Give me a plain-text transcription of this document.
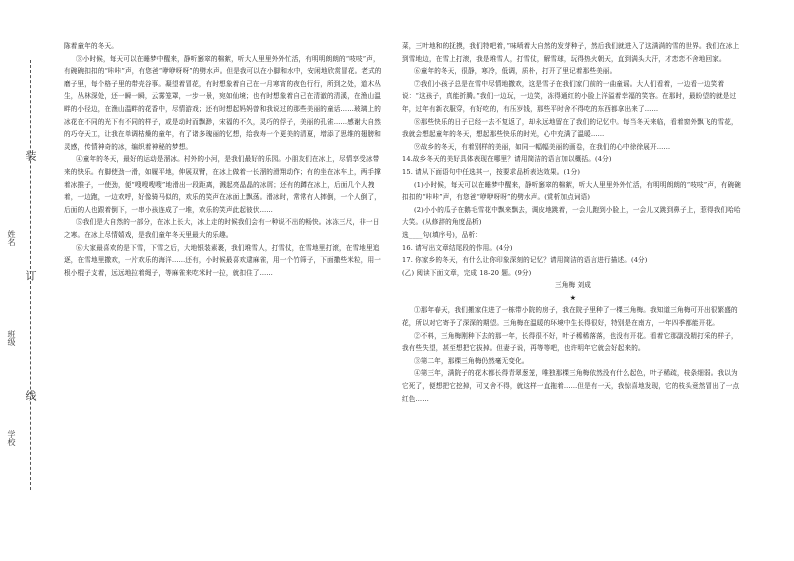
装
订
线
姓名
班级
学校

陈着童年的冬天。

③小时候，每天可以在睡梦中醒来，静听窸窣的棉絮，听大人里里外外忙活，有明明朗朗的“吱吱”声，有碗碗扣扣的“咔咔”声，有您爸“咿咿呀呀”的劈水声。但是我可以在小脚和水中，安闲地欣赏冒花。老式的磨子里，每个格子里的带壳谷事。凝望着冒花，有时想象着自己在一月寒宵的夜色行行，所到之处，道木丛生，丛林深处，还一瞬一瞬，云雾笼罩，一步一景，宛如仙境；也有时想象着自己在清澈的清溪，在渔山温畔的小径边，在渔山温畔的花香中，尽情游戏；还有时想起妈妈曾和我说过的那些美丽的童话……玻璃上的冰花在不同的光下有不同的样子，或是动时而飘渺，宋福的不久，灵巧的俘子，美丽的孔雀……感谢大自然的巧夺天工，让我在单调枯燥的童年，有了诸多瑰丽的忆想，给我寿一个更美的清夏，增添了思维的翅膀和灵感，传情神奇的冰，编织着神秘的梦想。

④童年的冬天，最好的运动是溜冰。村外的小河，是我们最好的乐园。小朋友们在冰上，尽情享受冰带来的快乐。有脚使劲一滑，如履平地，伸展双臂，在冰上做着一长溜的滑翔动作；有的坐在冰车上，两手撑着冰推子，一使劲，便“嗖嗖嗖嗖”地滑出一段距离，溅起亮晶晶的冰屑；还有的蹲在冰上，后面几个人拽着，一边跑，一边欢呼，好像骑马似的，欢乐的笑声在冰面上飘荡。滑冰时，常常有人摔倒，一个人倒了，后面的人也跟着倒下，一串小孩连成了一堆，欢乐的笑声此起彼伏……

⑤我们是大自然的一部分，在冰上长大，冰上走的时候我们会有一种说不出的畅快。冰冻三尺，非一日之寒。在冰上尽情嬉戏，是我们童年冬天里最大的乐趣。

⑥大家最喜欢的是下雪，下雪之后，大地银装素裹，我们堆雪人，打雪仗，在雪地里打滚，在雪地里追逐，在雪地里撒欢，一片欢乐的海洋……还有，小时候最喜欢逮麻雀，用一个竹筛子，下面撒些米粒，用一根小棍子支着，远远地拉着绳子，等麻雀来吃米时一拉，就扣住了……

菜，三叶地和的抚摸，我们特吧着，”味喷着大自然的发芽种子，然后我们就进入了这满满的雪的世界。我们在冰上到雪地边，在雪上打滚，我是堆雪人，打雪仗，解雪球，玩得热火朝天，直到满头大汗，才恋恋不舍地回家。

⑥童年的冬天，很静，寒冷，低调，质朴，打开了里记着那些美丽。

⑦我们小孩子总是在雪中尽情地撒欢，这是雪子在我们家门前的一曲童谣。大人们看着，一边看一边笑着说：“这孩子，真能折腾。”我们一边玩，一边笑，冻得通红的小脸上洋溢着幸福的笑容。在那时，最盼望的就是过年，过年有新衣服穿，有好吃的，有压岁钱，那些平时舍不得吃的东西都拿出来了……

⑧那些快乐的日子已经一去不复返了，却永远地留在了我们的记忆中。每当冬天来临，看着窗外飘飞的雪花，我就会想起童年的冬天，想起那些快乐的时光，心中充满了温暖……

⑨故乡的冬天，有着别样的美丽，如同一幅幅美丽的画卷，在我们的心中徐徐展开……

14.故乡冬天的美好具体表现在哪里？请用简洁的语言加以概括。(4分)

15. 请从下面语句中任选其一，按要求品析表达效果。(1分)

(1)小时候，每天可以在睡梦中醒来，静听窸窣的棉絮，听大人里里外外忙活，有明明朗朗的“吱吱”声，有碗碗扣扣的“咔咔”声，有您爸“咿咿呀呀”的劈水声。(赏析加点词语)

(2)小小的瓜子在鹅毛雪花中飘来飘去，调皮地跳着，一会儿跑到小脸上，一会儿又跳到鼻子上，惹得我们哈哈大笑。(从修辞的角度品析)

选____句(填序号)，品析：

16. 请写出文章结尾段的作用。(4分)

17. 你家乡的冬天，有什么让你印象深刻的记忆？请用简洁的语言进行描述。(4分)

(乙) 阅读下面文章，完成 18-20 题。(9分)

三角梅 刘成

★

①那年春天，我们搬家住进了一栋带小院的房子，我在院子里种了一棵三角梅。我知道三角梅可开出很繁盛的花，所以对它寄予了深深的期望。三角梅在温暖的环境中生长得很好，特别是在南方，一年四季都能开花。

②不料，三角梅刚种下去的那一年，长得很不好，叶子稀稀落落，也没有开花。看着它那副没精打采的样子，我有些失望，甚至想把它拔掉。但妻子说，再等等吧，也许明年它就会好起来的。

③第二年，那棵三角梅仍然毫无变化。

④第三年，满院子的花木都长得青翠葱茏，唯独那棵三角梅依然没有什么起色，叶子稀疏，枝条细弱。我以为它死了，便想把它挖掉，可又舍不得，就这样一直拖着……但是有一天，我惊喜地发现，它的枝头竟然冒出了一点红色……
